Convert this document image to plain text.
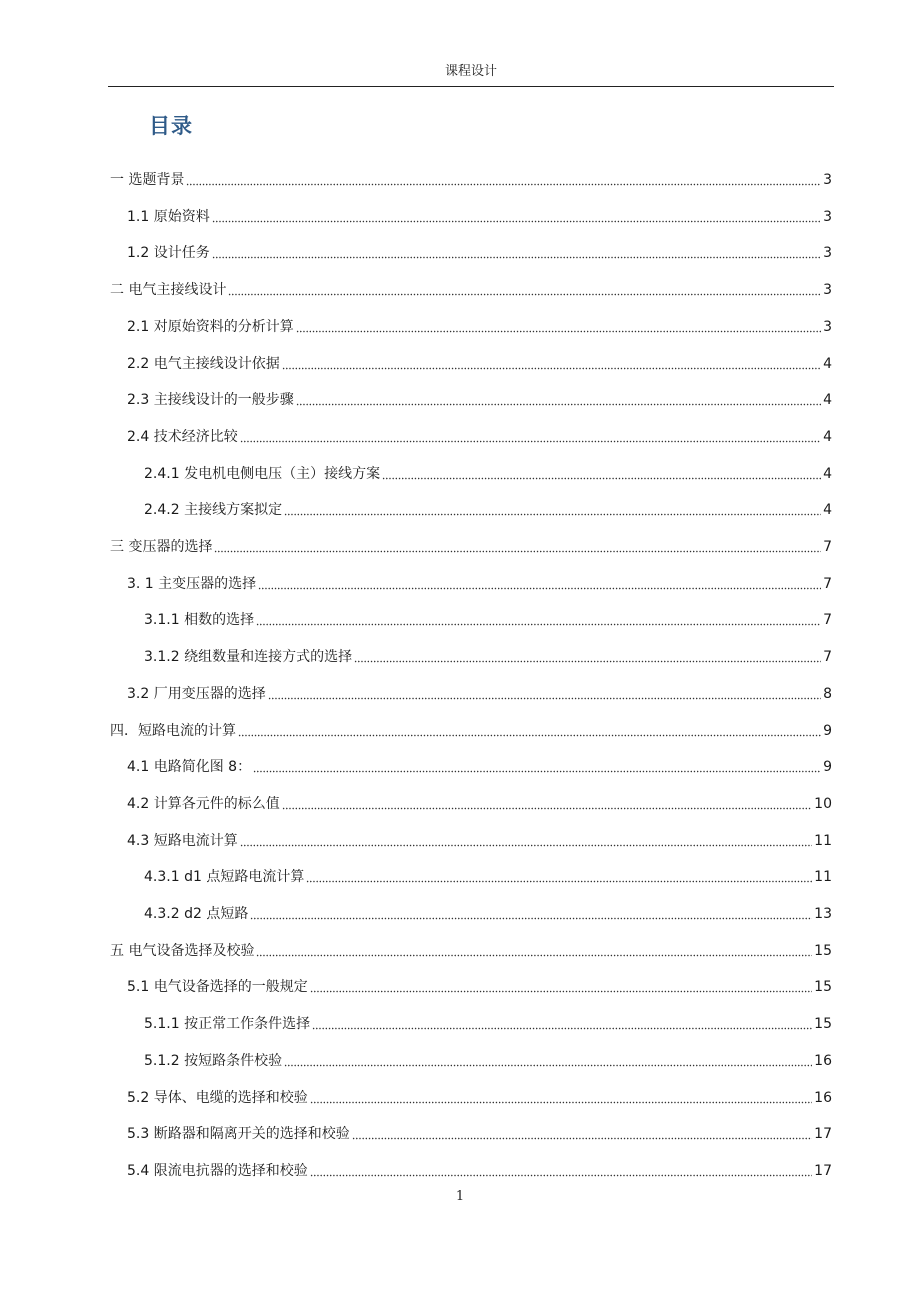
课程设计
目录
一 选题背景	3
1.1 原始资料	3
1.2 设计任务	3
二 电气主接线设计	3
2.1 对原始资料的分析计算	3
2.2 电气主接线设计依据	4
2.3 主接线设计的一般步骤	4
2.4 技术经济比较	4
2.4.1 发电机电侧电压（主）接线方案	4
2.4.2 主接线方案拟定	4
三 变压器的选择	7
3. 1 主变压器的选择	7
3.1.1 相数的选择	7
3.1.2 绕组数量和连接方式的选择	7
3.2 厂用变压器的选择	8
四．短路电流的计算	9
4.1 电路简化图 8：	9
4.2 计算各元件的标么值	10
4.3 短路电流计算	11
4.3.1 d1 点短路电流计算	11
4.3.2 d2 点短路	13
五 电气设备选择及校验	15
5.1 电气设备选择的一般规定	15
5.1.1 按正常工作条件选择	15
5.1.2 按短路条件校验	16
5.2 导体、电缆的选择和校验	16
5.3 断路器和隔离开关的选择和校验	17
5.4 限流电抗器的选择和校验	17
1
